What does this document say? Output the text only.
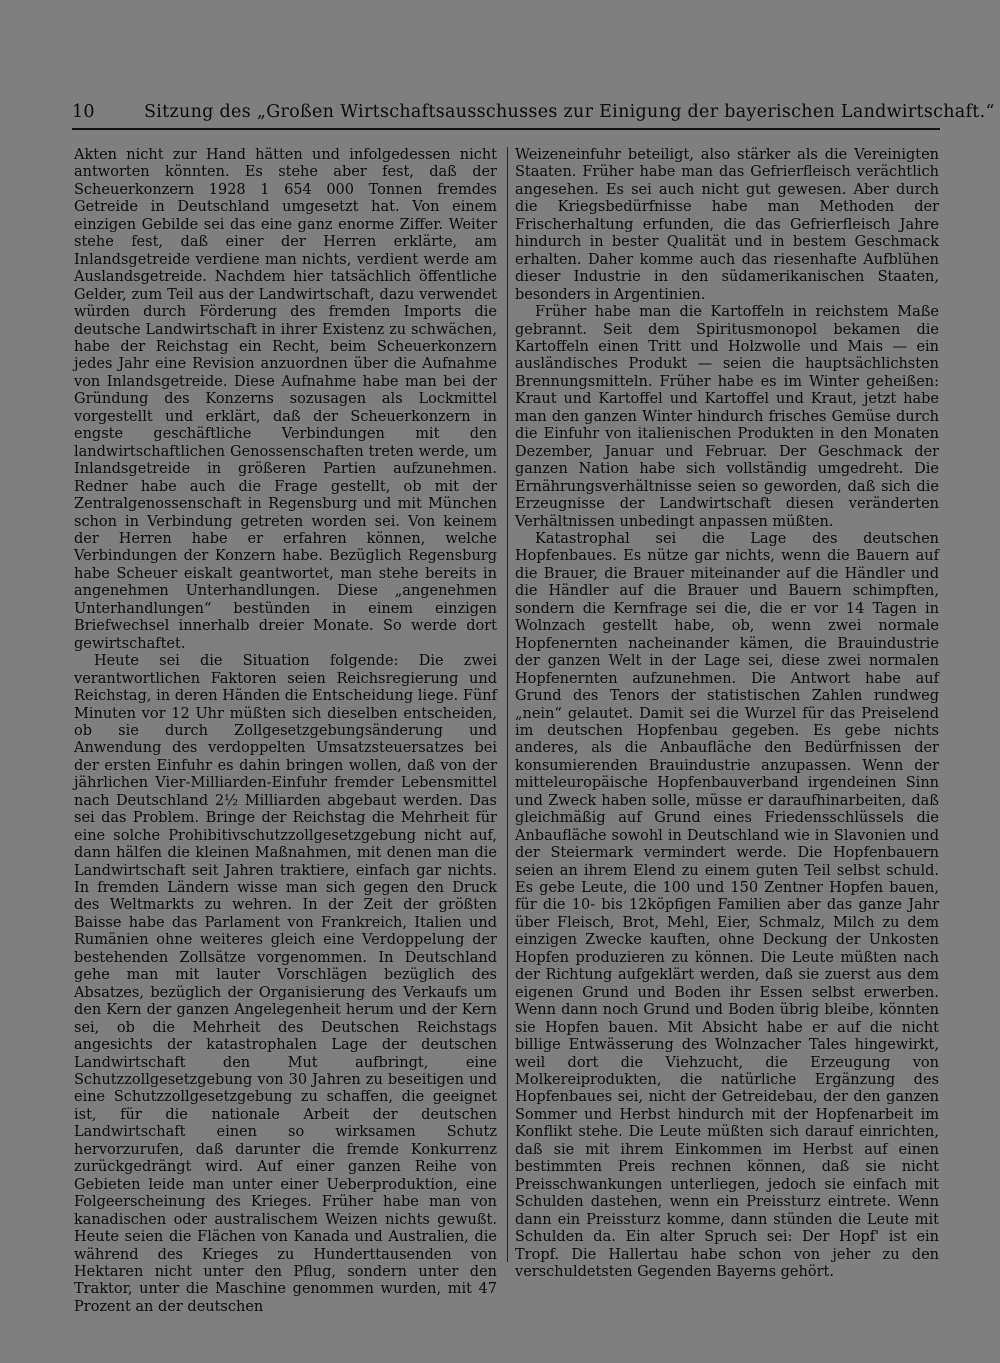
10	Sitzung des „Großen Wirtschaftsausschusses zur Einigung der bayerischen Landwirtschaft.“

Akten nicht zur Hand hätten und infolgedessen nicht antworten könnten. Es stehe aber fest, daß der Scheuerkonzern 1928 1 654 000 Tonnen fremdes Getreide in Deutschland umgesetzt hat. Von einem einzigen Gebilde sei das eine ganz enorme Ziffer. Weiter stehe fest, daß einer der Herren erklärte, am Inlandsgetreide verdiene man nichts, verdient werde am Auslandsgetreide. Nachdem hier tatsächlich öffentliche Gelder, zum Teil aus der Landwirtschaft, dazu verwendet würden durch Förderung des fremden Imports die deutsche Landwirtschaft in ihrer Existenz zu schwächen, habe der Reichstag ein Recht, beim Scheuerkonzern jedes Jahr eine Revision anzuordnen über die Aufnahme von Inlandsgetreide. Diese Aufnahme habe man bei der Gründung des Konzerns sozusagen als Lockmittel vorgestellt und erklärt, daß der Scheuerkonzern in engste geschäftliche Verbindungen mit den landwirtschaftlichen Genossenschaften treten werde, um Inlandsgetreide in größeren Partien aufzunehmen. Redner habe auch die Frage gestellt, ob mit der Zentralgenossenschaft in Regensburg und mit München schon in Verbindung getreten worden sei. Von keinem der Herren habe er erfahren können, welche Verbindungen der Konzern habe. Bezüglich Regensburg habe Scheuer eiskalt geantwortet, man stehe bereits in angenehmen Unterhandlungen. Diese „angenehmen Unterhandlungen“ bestünden in einem einzigen Briefwechsel innerhalb dreier Monate. So werde dort gewirtschaftet.

Heute sei die Situation folgende: Die zwei verantwortlichen Faktoren seien Reichsregierung und Reichstag, in deren Händen die Entscheidung liege. Fünf Minuten vor 12 Uhr müßten sich dieselben entscheiden, ob sie durch Zollgesetzgebungsänderung und Anwendung des verdoppelten Umsatzsteuersatzes bei der ersten Einfuhr es dahin bringen wollen, daß von der jährlichen Vier-Milliarden-Einfuhr fremder Lebensmittel nach Deutschland 2½ Milliarden abgebaut werden. Das sei das Problem. Bringe der Reichstag die Mehrheit für eine solche Prohibitivschutzzollgesetzgebung nicht auf, dann hälfen die kleinen Maßnahmen, mit denen man die Landwirtschaft seit Jahren traktiere, einfach gar nichts. In fremden Ländern wisse man sich gegen den Druck des Weltmarkts zu wehren. In der Zeit der größten Baisse habe das Parlament von Frankreich, Italien und Rumänien ohne weiteres gleich eine Verdoppelung der bestehenden Zollsätze vorgenommen. In Deutschland gehe man mit lauter Vorschlägen bezüglich des Absatzes, bezüglich der Organisierung des Verkaufs um den Kern der ganzen Angelegenheit herum und der Kern sei, ob die Mehrheit des Deutschen Reichstags angesichts der katastrophalen Lage der deutschen Landwirtschaft den Mut aufbringt, eine Schutzzollgesetzgebung von 30 Jahren zu beseitigen und eine Schutzzollgesetzgebung zu schaffen, die geeignet ist, für die nationale Arbeit der deutschen Landwirtschaft einen so wirksamen Schutz hervorzurufen, daß darunter die fremde Konkurrenz zurückgedrängt wird. Auf einer ganzen Reihe von Gebieten leide man unter einer Ueberproduktion, eine Folgeerscheinung des Krieges. Früher habe man von kanadischen oder australischem Weizen nichts gewußt. Heute seien die Flächen von Kanada und Australien, die während des Krieges zu Hunderttausenden von Hektaren nicht unter den Pflug, sondern unter den Traktor, unter die Maschine genommen wurden, mit 47 Prozent an der deutschen

Weizeneinfuhr beteiligt, also stärker als die Vereinigten Staaten. Früher habe man das Gefrierfleisch verächtlich angesehen. Es sei auch nicht gut gewesen. Aber durch die Kriegsbedürfnisse habe man Methoden der Frischerhaltung erfunden, die das Gefrierfleisch Jahre hindurch in bester Qualität und in bestem Geschmack erhalten. Daher komme auch das riesenhafte Aufblühen dieser Industrie in den südamerikanischen Staaten, besonders in Argentinien.

Früher habe man die Kartoffeln in reichstem Maße gebrannt. Seit dem Spiritusmonopol bekamen die Kartoffeln einen Tritt und Holzwolle und Mais — ein ausländisches Produkt — seien die hauptsächlichsten Brennungsmitteln. Früher habe es im Winter geheißen: Kraut und Kartoffel und Kartoffel und Kraut, jetzt habe man den ganzen Winter hindurch frisches Gemüse durch die Einfuhr von italienischen Produkten in den Monaten Dezember, Januar und Februar. Der Geschmack der ganzen Nation habe sich vollständig umgedreht. Die Ernährungsverhältnisse seien so geworden, daß sich die Erzeugnisse der Landwirtschaft diesen veränderten Verhältnissen unbedingt anpassen müßten.

Katastrophal sei die Lage des deutschen Hopfenbaues. Es nütze gar nichts, wenn die Bauern auf die Brauer, die Brauer miteinander auf die Händler und die Händler auf die Brauer und Bauern schimpften, sondern die Kernfrage sei die, die er vor 14 Tagen in Wolnzach gestellt habe, ob, wenn zwei normale Hopfenernten nacheinander kämen, die Brauindustrie der ganzen Welt in der Lage sei, diese zwei normalen Hopfenernten aufzunehmen. Die Antwort habe auf Grund des Tenors der statistischen Zahlen rundweg „nein“ gelautet. Damit sei die Wurzel für das Preiselend im deutschen Hopfenbau gegeben. Es gebe nichts anderes, als die Anbaufläche den Bedürfnissen der konsumierenden Brauindustrie anzupassen. Wenn der mitteleuropäische Hopfenbauverband irgendeinen Sinn und Zweck haben solle, müsse er daraufhinarbeiten, daß gleichmäßig auf Grund eines Friedensschlüssels die Anbaufläche sowohl in Deutschland wie in Slavonien und der Steiermark vermindert werde. Die Hopfenbauern seien an ihrem Elend zu einem guten Teil selbst schuld. Es gebe Leute, die 100 und 150 Zentner Hopfen bauen, für die 10- bis 12köpfigen Familien aber das ganze Jahr über Fleisch, Brot, Mehl, Eier, Schmalz, Milch zu dem einzigen Zwecke kauften, ohne Deckung der Unkosten Hopfen produzieren zu können. Die Leute müßten nach der Richtung aufgeklärt werden, daß sie zuerst aus dem eigenen Grund und Boden ihr Essen selbst erwerben. Wenn dann noch Grund und Boden übrig bleibe, könnten sie Hopfen bauen. Mit Absicht habe er auf die nicht billige Entwässerung des Wolnzacher Tales hingewirkt, weil dort die Viehzucht, die Erzeugung von Molkereiprodukten, die natürliche Ergänzung des Hopfenbaues sei, nicht der Getreidebau, der den ganzen Sommer und Herbst hindurch mit der Hopfenarbeit im Konflikt stehe. Die Leute müßten sich darauf einrichten, daß sie mit ihrem Einkommen im Herbst auf einen bestimmten Preis rechnen können, daß sie nicht Preisschwankungen unterliegen, jedoch sie einfach mit Schulden dastehen, wenn ein Preissturz eintrete. Wenn dann ein Preissturz komme, dann stünden die Leute mit Schulden da. Ein alter Spruch sei: Der Hopf' ist ein Tropf. Die Hallertau habe schon von jeher zu den verschuldetsten Gegenden Bayerns gehört.
